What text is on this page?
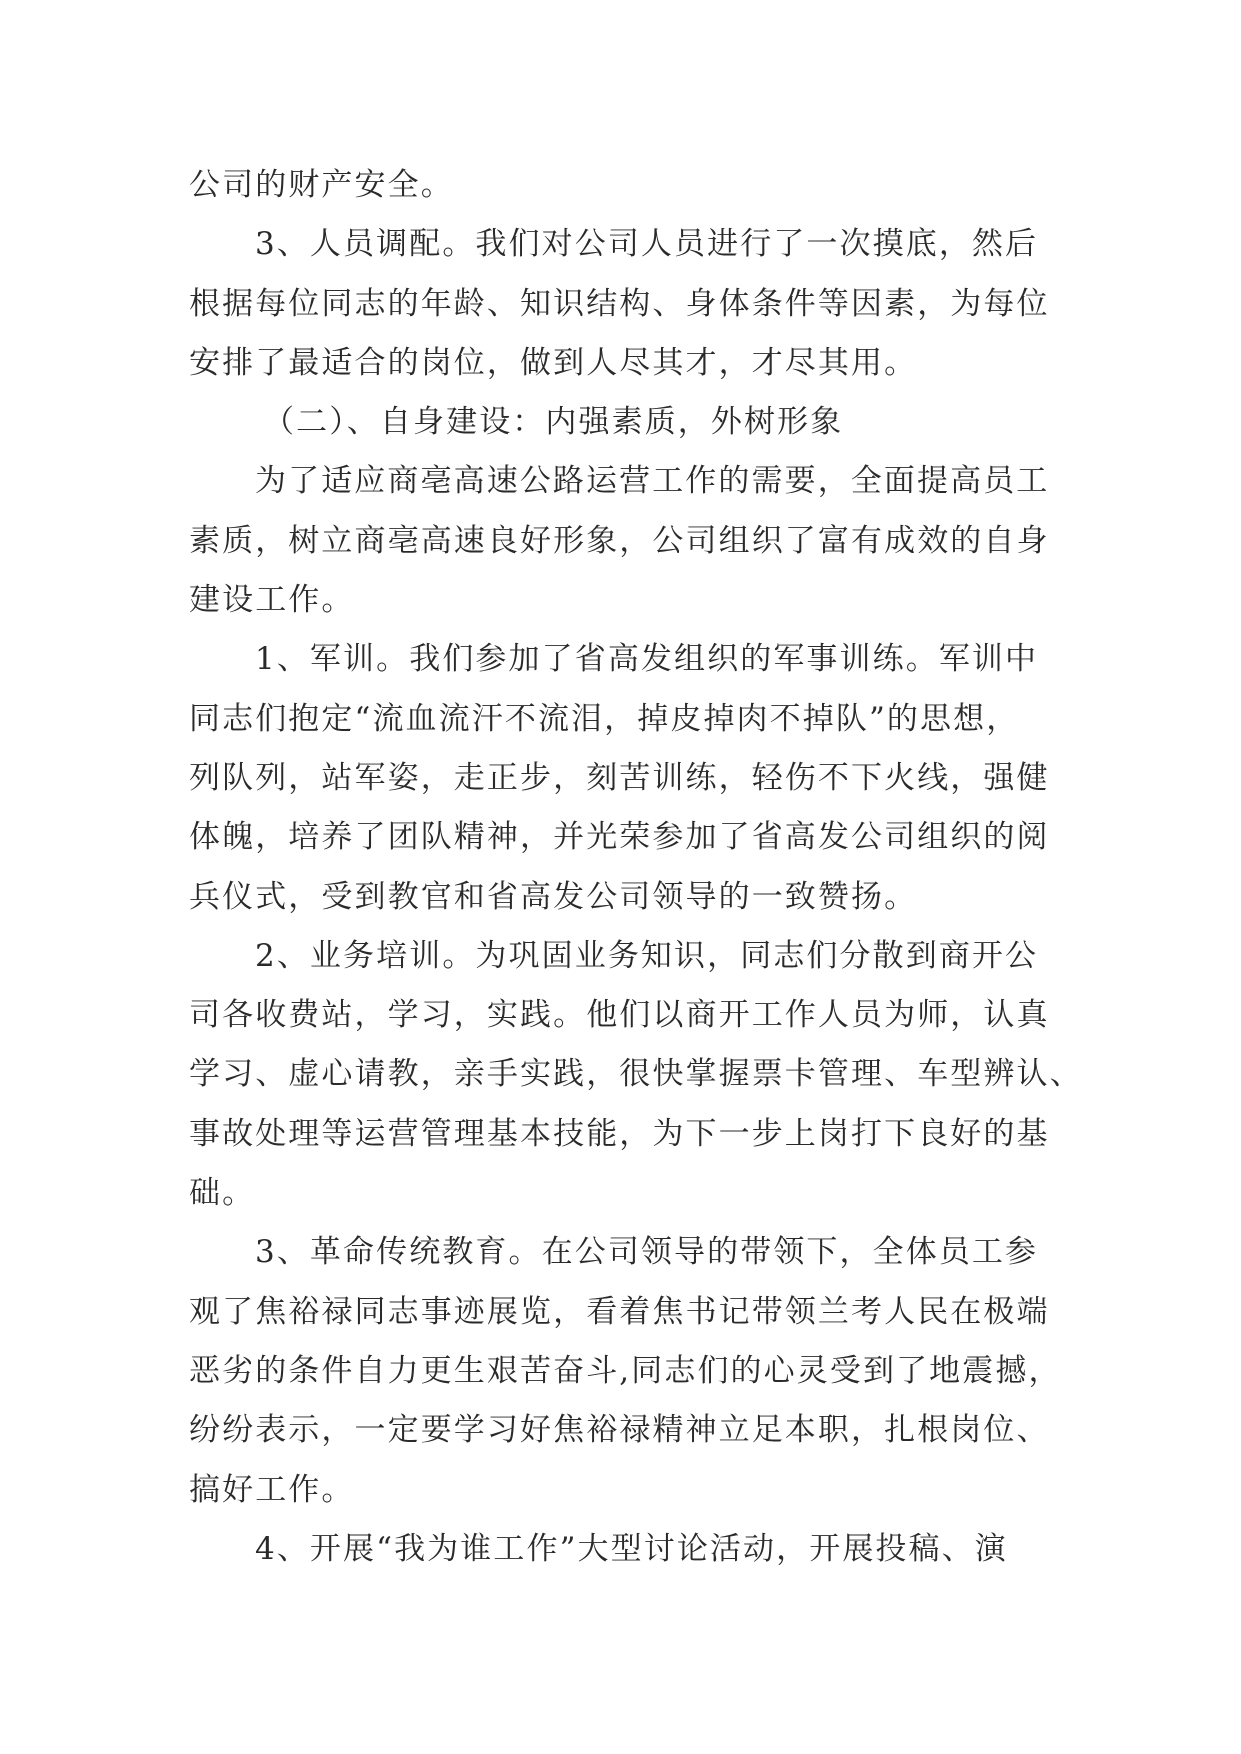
公司的财产安全。
3、人员调配。我们对公司人员进行了一次摸底，然后
根据每位同志的年龄、知识结构、身体条件等因素，为每位
安排了最适合的岗位，做到人尽其才，才尽其用。
（二）、自身建设：内强素质，外树形象
为了适应商亳高速公路运营工作的需要，全面提高员工
素质，树立商亳高速良好形象，公司组织了富有成效的自身
建设工作。
1、军训。我们参加了省高发组织的军事训练。军训中
同志们抱定“流血流汗不流泪，掉皮掉肉不掉队”的思想，
列队列，站军姿，走正步，刻苦训练，轻伤不下火线，强健
体魄，培养了团队精神，并光荣参加了省高发公司组织的阅
兵仪式，受到教官和省高发公司领导的一致赞扬。
2、业务培训。为巩固业务知识，同志们分散到商开公
司各收费站，学习，实践。他们以商开工作人员为师，认真
学习、虚心请教，亲手实践，很快掌握票卡管理、车型辨认、
事故处理等运营管理基本技能，为下一步上岗打下良好的基
础。
3、革命传统教育。在公司领导的带领下，全体员工参
观了焦裕禄同志事迹展览，看着焦书记带领兰考人民在极端
恶劣的条件自力更生艰苦奋斗,同志们的心灵受到了地震撼，
纷纷表示，一定要学习好焦裕禄精神立足本职，扎根岗位、
搞好工作。
4、开展“我为谁工作”大型讨论活动，开展投稿、演
